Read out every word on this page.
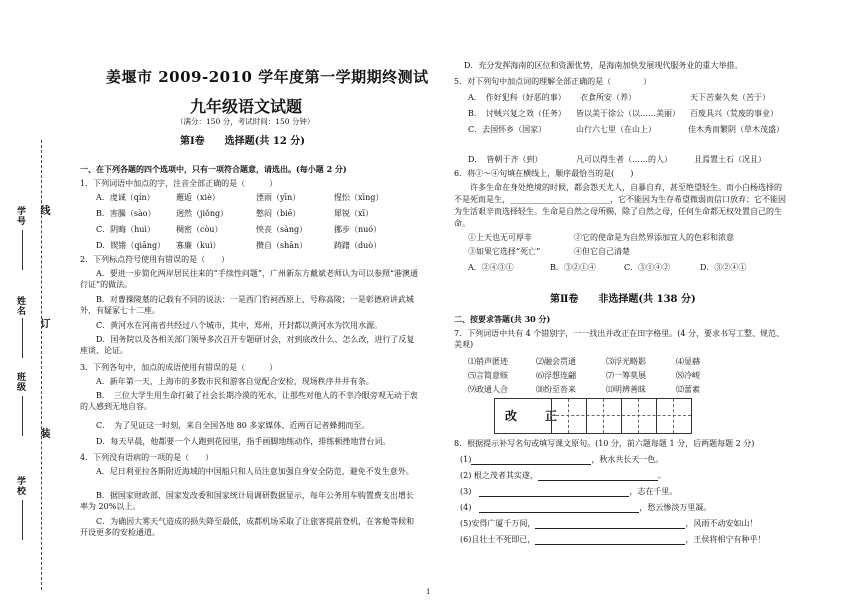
学号 线
姓名
订
班级
装
学校
姜堰市 2009-2010 学年度第一学期期终测试
九年级语文试题
（满分：150 分，考试时间：150 分钟）
第Ⅰ卷　　选择题(共 12 分)
一、在下列各题的四个选项中，只有一项符合题意，请选出。(每小题 2 分)
1．下列词语中加点的字，注音全部正确的是（　　　）
A．虔诚（qín）	邂逅（xiè）	湮雨（yīn）	惺忪（xīng）
B．害臊（sào）	迥然（jiǒng）	憋闷（biē）	犀锐（xī）
C．阴晦（huì）	稠密（còu）	怏丧（sàng）	挪步（nuó）
D．锲锵（qiāng） 寡廉（kuì）	攒自（shān）	踌躇（duò）
2．下列标点符号使用有错误的是（　　）
A．要进一步简化两岸居民往来的“手续性问题”，广州新东方戴斌老师认为可以参照“港澳通行证”的做法。
B．对曹操陵墓的记载有不同的说法：一是西门豹祠西原上，号称高陵；一是彰德府讲武城外，有疑冢七十二座。
C．黄河水在河南省共经过八个城市，其中，郑州，开封都以黄河水为饮用水源。
D．国务院以及各相关部门领导多次召开专题研讨会，对到底改什么、怎么改，进行了反复座谈、论证。
3．下列各句中，加点的成语使用有错误的是（　　　）
A．新年第一天，上海市的多数市民和游客自觉配合安检，现场秩序井井有条。
B．　三位大学生用生命打破了社会长期冷漠的死水，让那些对他人的不幸冷眼旁观无动于衷的人感到无地自容。
C．　为了见证这一时刻，来自全国各地 80 多家媒体、近两百记者蜂拥而至。
D．每天早晨，他都要一个人跑到花园里，指手画脚地练动作，排练顿挫地背台词。
4．下列没有语病的一项的是（　　）
A．尼日利亚拉各斯附近海域的中国船只和人员注意加强自身安全防范，避免不发生意外。
B．据国家财政部、国家发改委和国家统计局调研数据显示，每年公务用车购置费支出增长率为 20%以上。
C．为确因大雾天气造成的损失降至最低，成都机场采取了让旅客提前登机，在客舱等候和开设更多的安检通道。
D．充分发挥海南的区位和资源优势，是海南加快发展现代服务业的重大举措。
5．对下列句中加点词的理解全部正确的是（　　　　）
A．　作好犯科（好恶的事） 衣食所安（养）	天下苦秦久矣（苦于）
B．　讨贼兴复之效（任务） 皆以美于徐公（以……美丽） 百废具兴（荒废的事业）
C．去国怀乡（国家）	山行六七里（在山上）	佳木秀而繁阴（草木茂盛）
D．　皆朝于齐（到）	凡可以得生者（……的人）	且焉置土石（况且）
6．将①～④句填在横线上，顺序最恰当的是(　　)
许多生命在身处绝境的时候，都会怨天尤人，自暴自弃，甚至绝望轻生。而小白杨选择的不是死而是生，_________________________，它不能因为生存希望微弱而信口放弃；它不能因为生活艰辛而选择轻生。生命是自然之母所赐，除了自然之母，任何生命都无权处置自己的生命。
①上天也无可厚非	②它的使命是为自然界添加宜人的色彩和浓意
③如果它选择“死亡”	④但它自己清楚
A．②④③①	B．③②①④	C．③①④②	D．③②④①
第Ⅱ卷　　非选择题(共 138 分)
二、按要求答题(共 30 分)
7．下列词语中共有 4 个错别字，一一找出并改正在田字格里。(4 分，要求书写工整、规范、美观)
⑴销声匿迹	⑵融会贯通	⑶浮光略影	⑷显赫
⑸言简意赅	⑹浮想连翩	⑺一筹莫展	⑻冷峻
⑼政通人合	⑽纷至沓来	⑾明辨善昧	⑿蕾素
改　正
8．根据提示补写名句或填写课文原句。(10 分，前六题每题 1 分，后两题每题 2 分)
(1)	，秋水共长天一色。
(2) 根之茂者其实遂，	。
(3)	，志在千里。
(4)	，愁云惨淡万里凝。
(5)安得广厦千万间，	，风雨不动安如山！
(6)且壮士不死即已，	，王侯将相宁有种乎！
1
